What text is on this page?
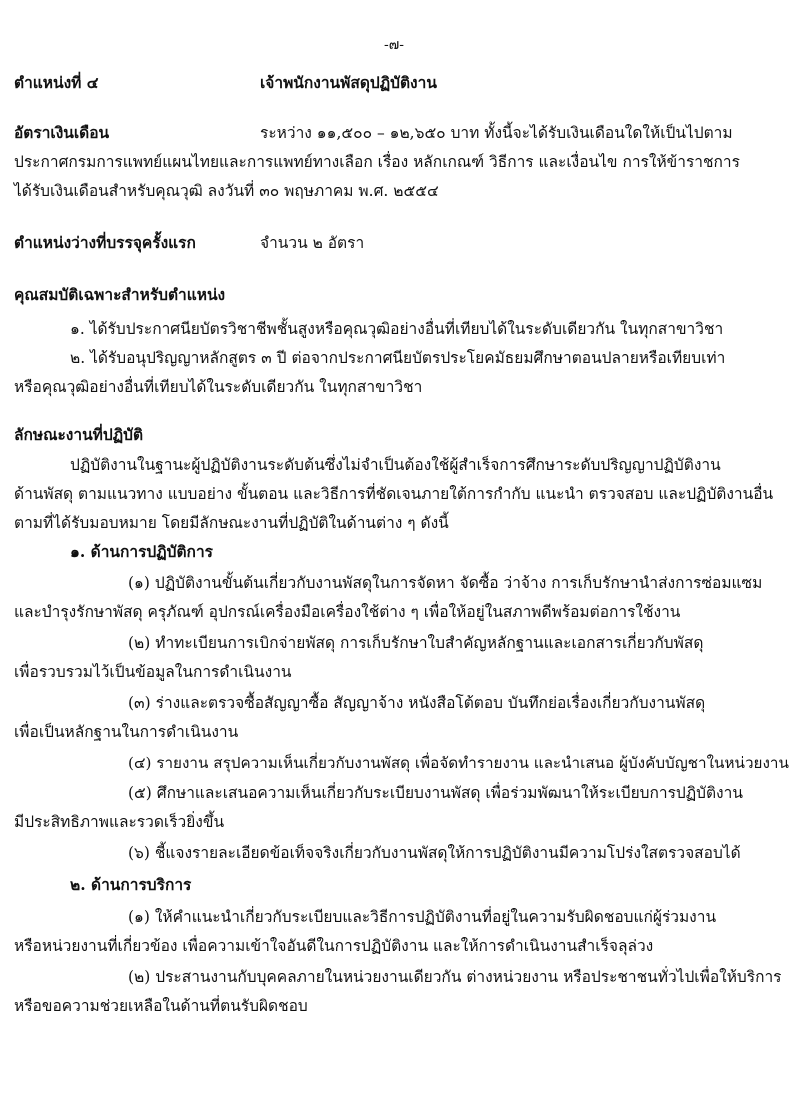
-๗-
ตำแหน่งที่ ๔	เจ้าพนักงานพัสดุปฏิบัติงาน
อัตราเงินเดือน	ระหว่าง ๑๑,๕๐๐ – ๑๒,๖๕๐ บาท ทั้งนี้จะได้รับเงินเดือนใดให้เป็นไปตาม
ประกาศกรมการแพทย์แผนไทยและการแพทย์ทางเลือก เรื่อง หลักเกณฑ์ วิธีการ และเงื่อนไข การให้ข้าราชการ
ได้รับเงินเดือนสำหรับคุณวุฒิ ลงวันที่ ๓๐ พฤษภาคม พ.ศ. ๒๕๕๔
ตำแหน่งว่างที่บรรจุครั้งแรก	จำนวน ๒ อัตรา
คุณสมบัติเฉพาะสำหรับตำแหน่ง
๑. ได้รับประกาศนียบัตรวิชาชีพชั้นสูงหรือคุณวุฒิอย่างอื่นที่เทียบได้ในระดับเดียวกัน ในทุกสาขาวิชา
๒. ได้รับอนุปริญญาหลักสูตร ๓ ปี ต่อจากประกาศนียบัตรประโยคมัธยมศึกษาตอนปลายหรือเทียบเท่า
หรือคุณวุฒิอย่างอื่นที่เทียบได้ในระดับเดียวกัน ในทุกสาขาวิชา
ลักษณะงานที่ปฏิบัติ
ปฏิบัติงานในฐานะผู้ปฏิบัติงานระดับต้นซึ่งไม่จำเป็นต้องใช้ผู้สำเร็จการศึกษาระดับปริญญาปฏิบัติงาน
ด้านพัสดุ ตามแนวทาง แบบอย่าง ขั้นตอน และวิธีการที่ชัดเจนภายใต้การกำกับ แนะนำ ตรวจสอบ และปฏิบัติงานอื่น
ตามที่ได้รับมอบหมาย โดยมีลักษณะงานที่ปฏิบัติในด้านต่าง ๆ ดังนี้
๑. ด้านการปฏิบัติการ
(๑) ปฏิบัติงานขั้นต้นเกี่ยวกับงานพัสดุในการจัดหา จัดซื้อ ว่าจ้าง การเก็บรักษานำส่งการซ่อมแซม
และบำรุงรักษาพัสดุ ครุภัณฑ์ อุปกรณ์เครื่องมือเครื่องใช้ต่าง ๆ เพื่อให้อยู่ในสภาพดีพร้อมต่อการใช้งาน
(๒) ทำทะเบียนการเบิกจ่ายพัสดุ การเก็บรักษาใบสำคัญหลักฐานและเอกสารเกี่ยวกับพัสดุ
เพื่อรวบรวมไว้เป็นข้อมูลในการดำเนินงาน
(๓) ร่างและตรวจซื้อสัญญาซื้อ สัญญาจ้าง หนังสือโต้ตอบ บันทึกย่อเรื่องเกี่ยวกับงานพัสดุ
เพื่อเป็นหลักฐานในการดำเนินงาน
(๔) รายงาน สรุปความเห็นเกี่ยวกับงานพัสดุ เพื่อจัดทำรายงาน และนำเสนอ ผู้บังคับบัญชาในหน่วยงาน
(๕) ศึกษาและเสนอความเห็นเกี่ยวกับระเบียบงานพัสดุ เพื่อร่วมพัฒนาให้ระเบียบการปฏิบัติงาน
มีประสิทธิภาพและรวดเร็วยิ่งขึ้น
(๖) ชี้แจงรายละเอียดข้อเท็จจริงเกี่ยวกับงานพัสดุให้การปฏิบัติงานมีความโปร่งใสตรวจสอบได้
๒. ด้านการบริการ
(๑) ให้คำแนะนำเกี่ยวกับระเบียบและวิธีการปฏิบัติงานที่อยู่ในความรับผิดชอบแก่ผู้ร่วมงาน
หรือหน่วยงานที่เกี่ยวข้อง เพื่อความเข้าใจอันดีในการปฏิบัติงาน และให้การดำเนินงานสำเร็จลุล่วง
(๒) ประสานงานกับบุคคลภายในหน่วยงานเดียวกัน ต่างหน่วยงาน หรือประชาชนทั่วไปเพื่อให้บริการ
หรือขอความช่วยเหลือในด้านที่ตนรับผิดชอบ
